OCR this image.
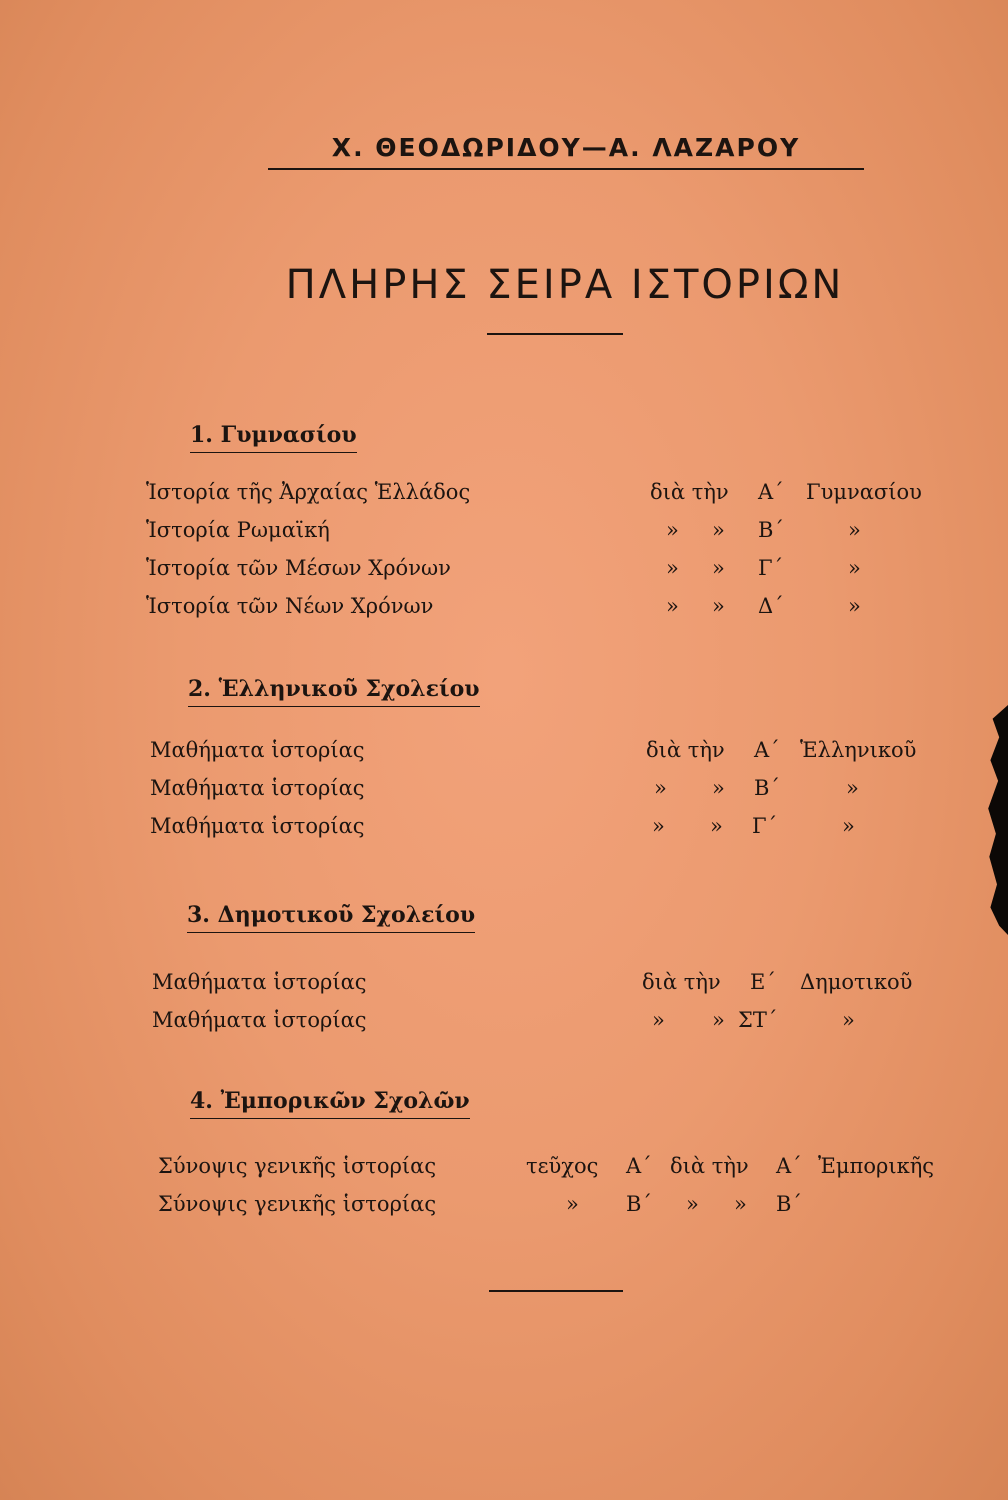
Χ. ΘΕΟΔΩΡΙΔΟΥ—Α. ΛΑΖΑΡΟΥ
ΠΛΗΡΗΣ ΣΕΙΡΑ ΙΣΤΟΡΙΩΝ
1. Γυμνασίου
Ἱστορία τῆς Ἀρχαίας Ἑλλάδος	διὰ τὴν Α΄ Γυμνασίου
Ἱστορία Ρωμαϊκή	» » Β΄	»
Ἱστορία τῶν Μέσων Χρόνων	» » Γ΄	»
Ἱστορία τῶν Νέων Χρόνων	» » Δ΄	»
2. Ἑλληνικοῦ Σχολείου
Μαθήματα ἱστορίας	διὰ τὴν Α΄ Ἑλληνικοῦ
Μαθήματα ἱστορίας	» » Β΄	»
Μαθήματα ἱστορίας	» » Γ΄	»
3. Δημοτικοῦ Σχολείου
Μαθήματα ἱστορίας	διὰ τὴν Ε΄ Δημοτικοῦ
Μαθήματα ἱστορίας	» » ΣΤ΄	»
4. Ἐμπορικῶν Σχολῶν
Σύνοψις γενικῆς ἱστορίας	τεῦχος Α΄ διὰ τὴν Α΄ Ἐμπορικῆς
Σύνοψις γενικῆς ἱστορίας	» Β΄ » » Β΄
